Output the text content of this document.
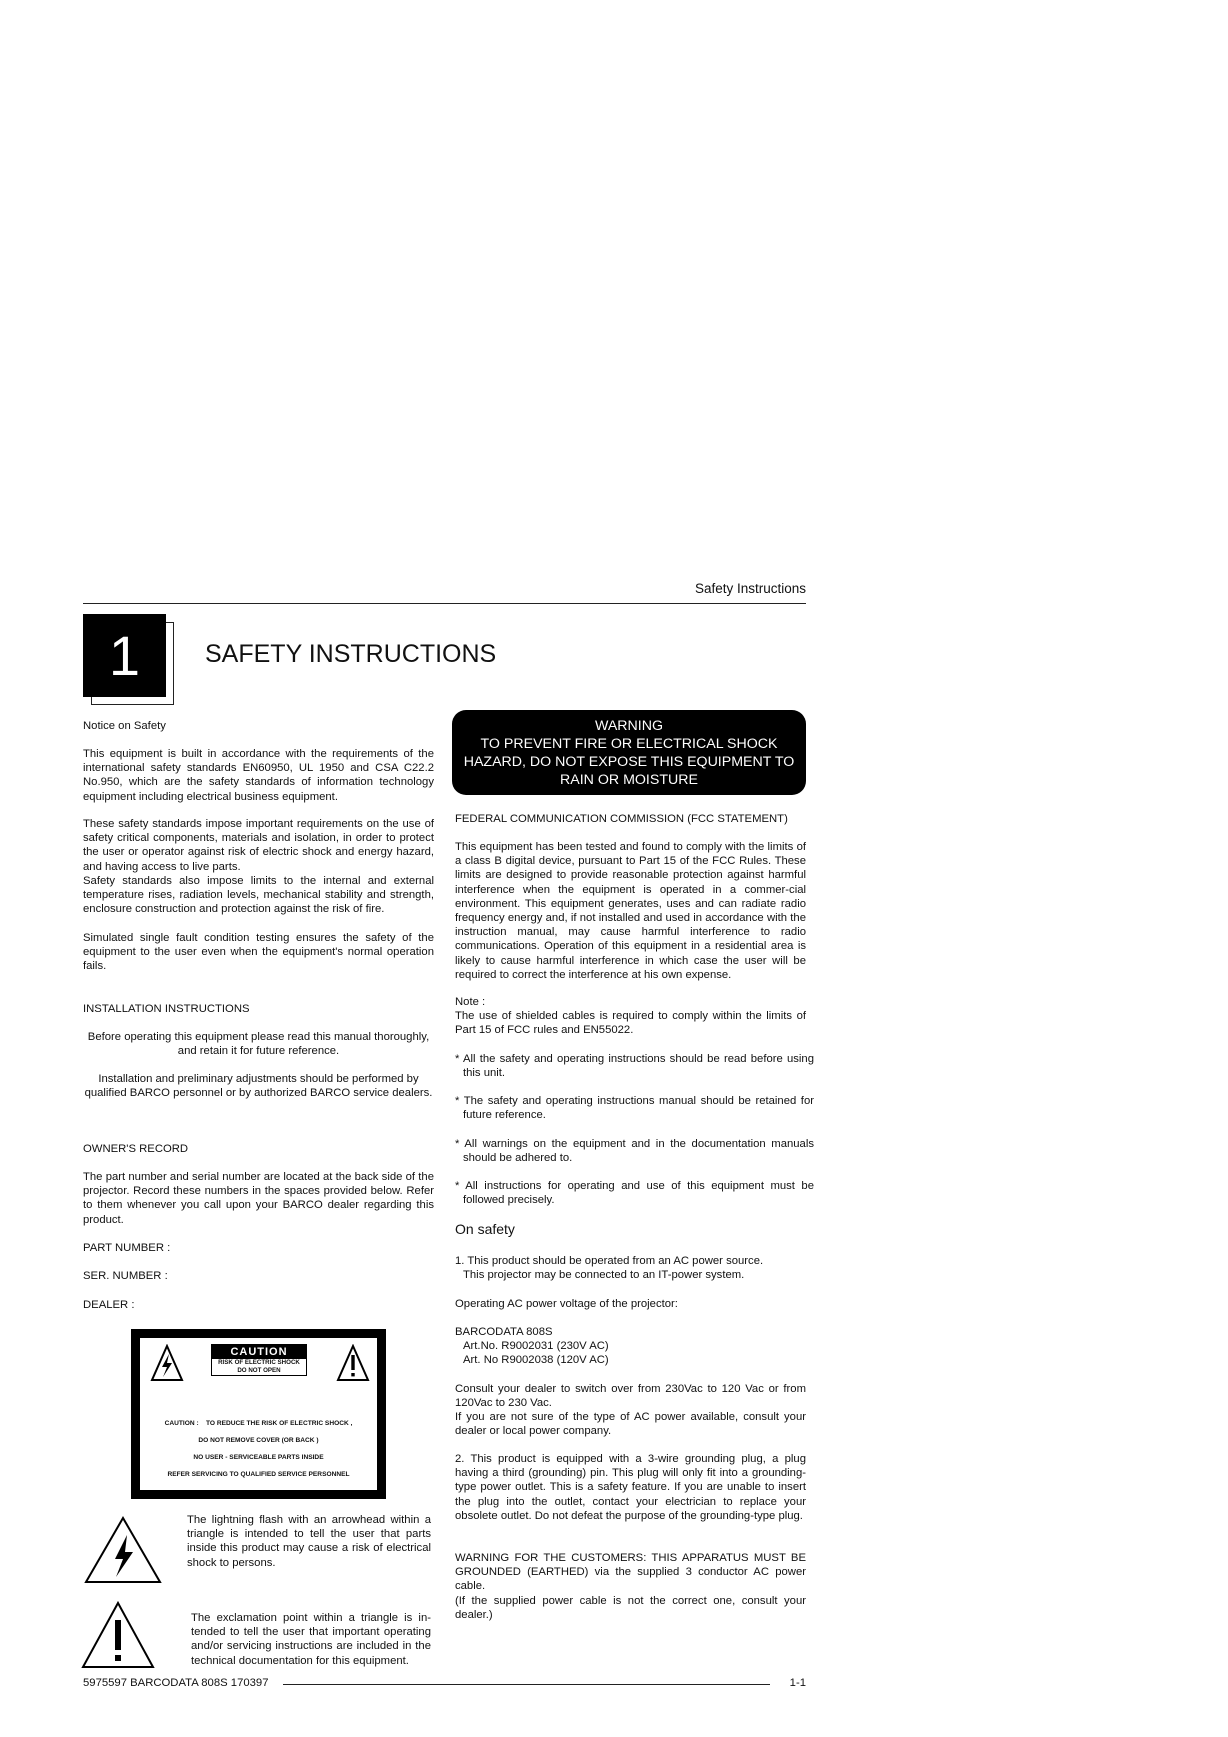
Safety Instructions
1	SAFETY INSTRUCTIONS
Notice on Safety

This equipment is built in accordance with the requirements of the international safety standards EN60950, UL 1950 and CSA C22.2 No.950, which are the safety standards of information technology equipment including electrical business equipment.

These safety standards impose important requirements on the use of safety critical components, materials and isolation, in order to protect the user or operator against risk of electric shock and energy hazard, and having access to live parts.

Safety standards also impose limits to the internal and external temperature rises, radiation levels, mechanical stability and strength, enclosure construction and protection against the risk of fire.

Simulated single fault condition testing ensures the safety of the equipment to the user even when the equipment's normal operation fails.

INSTALLATION INSTRUCTIONS

Before operating this equipment please read this manual thoroughly, and retain it for future reference.

Installation and preliminary adjustments should be performed by qualified BARCO personnel or by authorized BARCO service dealers.

OWNER'S RECORD

The part number and serial number are located at the back side of the projector. Record these numbers in the spaces provided below. Refer to them whenever you call upon your BARCO dealer regarding this product.

PART NUMBER :
SER. NUMBER :
DEALER :
CAUTION
RISK OF ELECTRIC SHOCK
DO NOT OPEN
CAUTION :    TO REDUCE THE RISK OF ELECTRIC SHOCK ,
DO NOT REMOVE COVER (OR BACK )
NO USER - SERVICEABLE PARTS INSIDE
REFER SERVICING TO QUALIFIED SERVICE PERSONNEL

The lightning flash with an arrowhead within a triangle is intended to tell the user that parts inside this product may cause a risk of electrical shock to persons.

The exclamation point within a triangle is in-tended to tell the user that important operating and/or servicing instructions are included in the technical documentation for this equipment.

WARNING
TO PREVENT FIRE OR ELECTRICAL SHOCK
HAZARD, DO NOT EXPOSE THIS EQUIPMENT TO
RAIN OR MOISTURE
FEDERAL COMMUNICATION COMMISSION (FCC STATEMENT)

This equipment has been tested and found to comply with the limits of a class B digital device, pursuant to Part 15 of the FCC Rules. These limits are designed to provide reasonable protection against harmful interference when the equipment is operated in a commer-cial environment. This equipment generates, uses and can radiate radio frequency energy and, if not installed and used in accordance with the instruction manual, may cause harmful interference to radio communications. Operation of this equipment in a residential area is likely to cause harmful interference in which case the user will be required to correct the interference at his own expense.

Note :

The use of shielded cables is required to comply within the limits of Part 15 of FCC rules and EN55022.

* All the safety and operating instructions should be read before using this unit.

* The safety and operating instructions manual should be retained for future reference.

* All warnings on the equipment and in the documentation manuals should be adhered to.

* All instructions for operating and use of this equipment must be followed precisely.

On safety
1. This product should be operated from an AC power source.
This projector may be connected to an IT-power system.
Operating AC power voltage of the projector:
BARCODATA 808S
Art.No. R9002031 (230V AC)
Art. No R9002038 (120V AC)

Consult your dealer to switch over from 230Vac to 120 Vac or from 120Vac to 230 Vac.

If you are not sure of the type of AC power available, consult your dealer or local power company.

2. This product is equipped with a 3-wire grounding plug, a plug having a third (grounding) pin. This plug will only fit into a grounding-type power outlet. This is a safety feature. If you are unable to insert the plug into the outlet, contact your electrician to replace your obsolete outlet. Do not defeat the purpose of the grounding-type plug.

WARNING FOR THE CUSTOMERS: THIS APPARATUS MUST BE GROUNDED (EARTHED) via the supplied 3 conductor AC power cable.

(If the supplied power cable is not the correct one, consult your dealer.)

5975597 BARCODATA 808S 170397	1-1
